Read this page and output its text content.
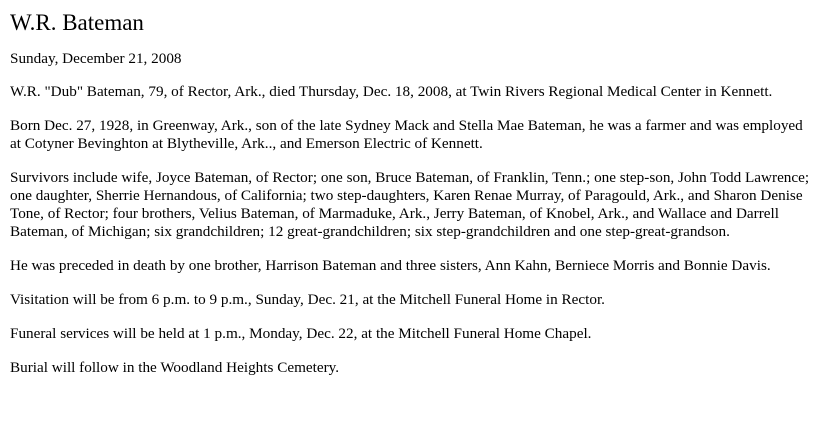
W.R. Bateman

Sunday, December 21, 2008

W.R. "Dub" Bateman, 79, of Rector, Ark., died Thursday, Dec. 18, 2008, at Twin Rivers Regional Medical Center in Kennett.

Born Dec. 27, 1928, in Greenway, Ark., son of the late Sydney Mack and Stella Mae Bateman, he was a farmer and was employed at Cotyner Bevinghton at Blytheville, Ark.., and Emerson Electric of Kennett.

Survivors include wife, Joyce Bateman, of Rector; one son, Bruce Bateman, of Franklin, Tenn.; one step-son, John Todd Lawrence; one daughter, Sherrie Hernandous, of California; two step-daughters, Karen Renae Murray, of Paragould, Ark., and Sharon Denise Tone, of Rector; four brothers, Velius Bateman, of Marmaduke, Ark., Jerry Bateman, of Knobel, Ark., and Wallace and Darrell Bateman, of Michigan; six grandchildren; 12 great-grandchildren; six step-grandchildren and one step-great-grandson.

He was preceded in death by one brother, Harrison Bateman and three sisters, Ann Kahn, Berniece Morris and Bonnie Davis.

Visitation will be from 6 p.m. to 9 p.m., Sunday, Dec. 21, at the Mitchell Funeral Home in Rector.

Funeral services will be held at 1 p.m., Monday, Dec. 22, at the Mitchell Funeral Home Chapel.

Burial will follow in the Woodland Heights Cemetery.
